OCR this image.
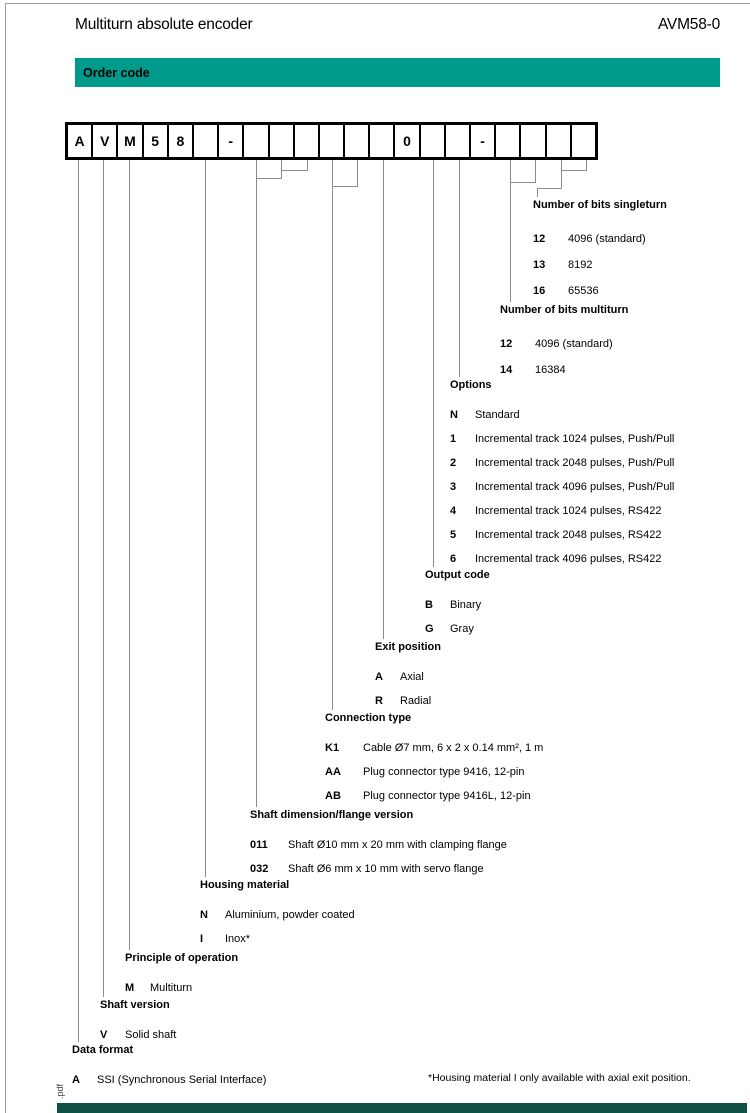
Multiturn absolute encoder	AVM58-0
Order code
A	V	M	5	8	-	0	-
Number of bits singleturn
12	4096 (standard)
13	8192
16	65536
Number of bits multiturn
12	4096 (standard)
14	16384
Options
N	Standard
1	Incremental track 1024 pulses, Push/Pull
2	Incremental track 2048 pulses, Push/Pull
3	Incremental track 4096 pulses, Push/Pull
4	Incremental track 1024 pulses, RS422
5	Incremental track 2048 pulses, RS422
6	Incremental track 4096 pulses, RS422
Output code
B	Binary
G	Gray
Exit position
A	Axial
R	Radial
Connection type
K1	Cable Ø7 mm, 6 x 2 x 0.14 mm², 1 m
AA	Plug connector type 9416, 12-pin
AB	Plug connector type 9416L, 12-pin
Shaft dimension/flange version
011	Shaft Ø10 mm x 20 mm with clamping flange
032	Shaft Ø6 mm x 10 mm with servo flange
Housing material
N	Aluminium, powder coated
I	Inox*
Principle of operation
M	Multiturn
Shaft version
V	Solid shaft
Data format
A	SSI (Synchronous Serial Interface)	*Housing material I only available with axial exit position.
.pdf
